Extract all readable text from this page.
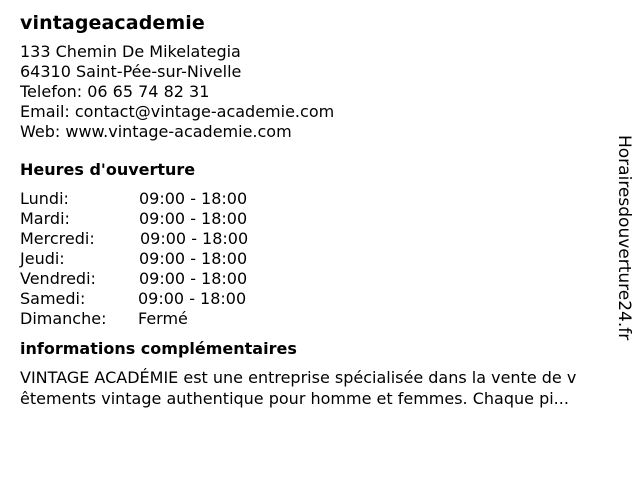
vintageacademie
133 Chemin De Mikelategia
64310 Saint-Pée-sur-Nivelle
Telefon: 06 65 74 82 31
Email: contact@vintage-academie.com
Web: www.vintage-academie.com
Heures d'ouverture
Lundi:	09:00 - 18:00
Mardi:	09:00 - 18:00
Mercredi:	09:00 - 18:00
Jeudi:	09:00 - 18:00
Vendredi:	09:00 - 18:00
Samedi:	09:00 - 18:00
Dimanche:	Fermé
informations complémentaires
VINTAGE ACADÉMIE est une entreprise spécialisée dans la vente de v
êtements vintage authentique pour homme et femmes. Chaque pi...
Horairesdouverture24.fr
